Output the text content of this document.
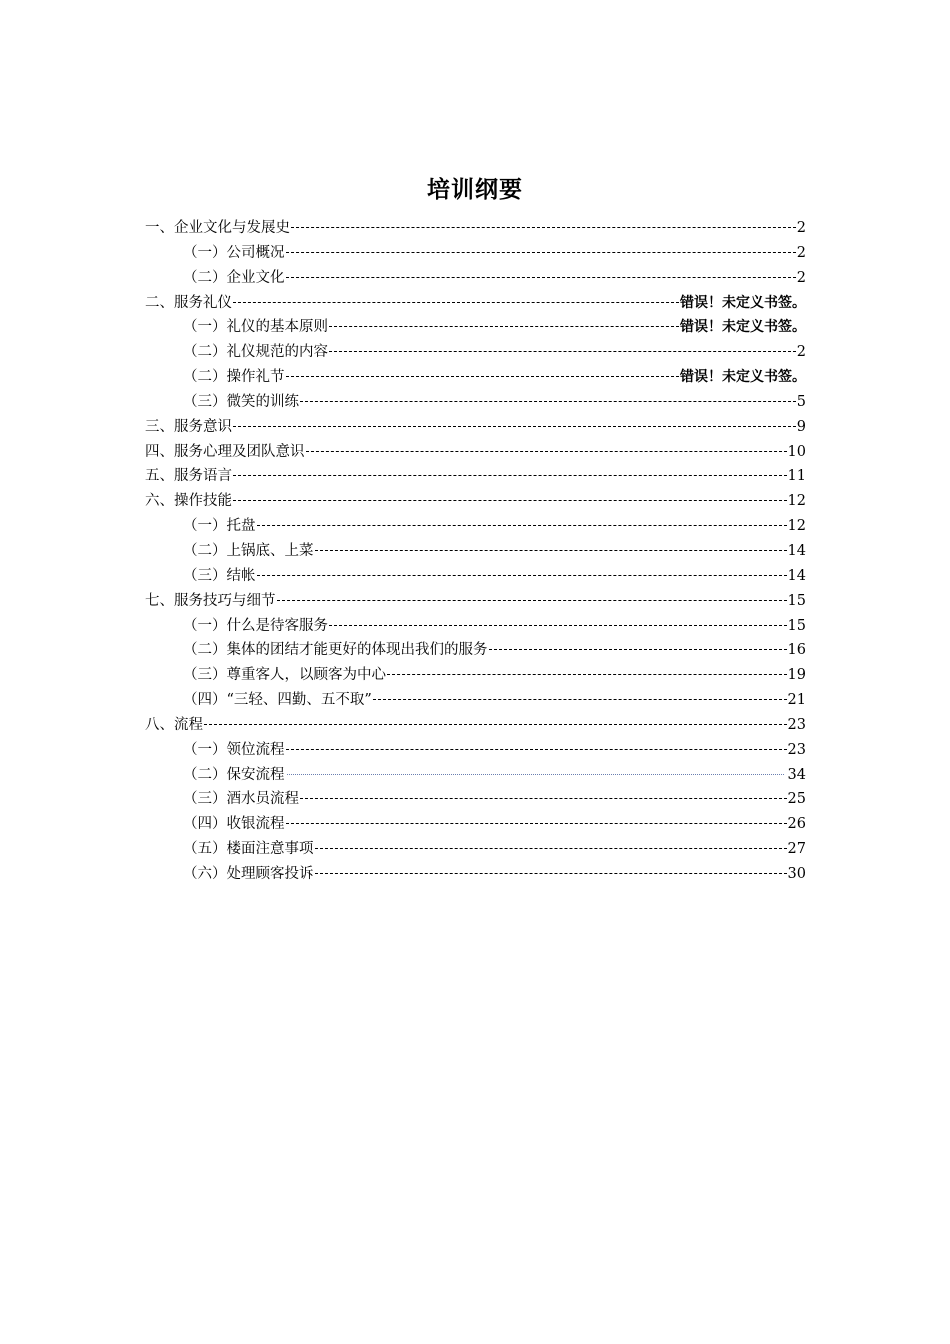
培训纲要
一、企业文化与发展史	2
（一）公司概况	2
（二）企业文化	2
二、服务礼仪	错误！未定义书签。
（一）礼仪的基本原则	错误！未定义书签。
（二）礼仪规范的内容	2
（二）操作礼节	错误！未定义书签。
（三）微笑的训练	5
三、服务意识	9
四、服务心理及团队意识	10
五、服务语言	11
六、操作技能	12
（一）托盘	12
（二）上锅底、上菜	14
（三）结帐	14
七、服务技巧与细节	15
（一）什么是待客服务	15
（二）集体的团结才能更好的体现出我们的服务	16
（三）尊重客人，以顾客为中心	19
（四）“三轻、四勤、五不取”	21
八、流程	23
（一）领位流程	23
（二）保安流程	34
（三）酒水员流程	25
（四）收银流程	26
（五）楼面注意事项	27
（六）处理顾客投诉	30
